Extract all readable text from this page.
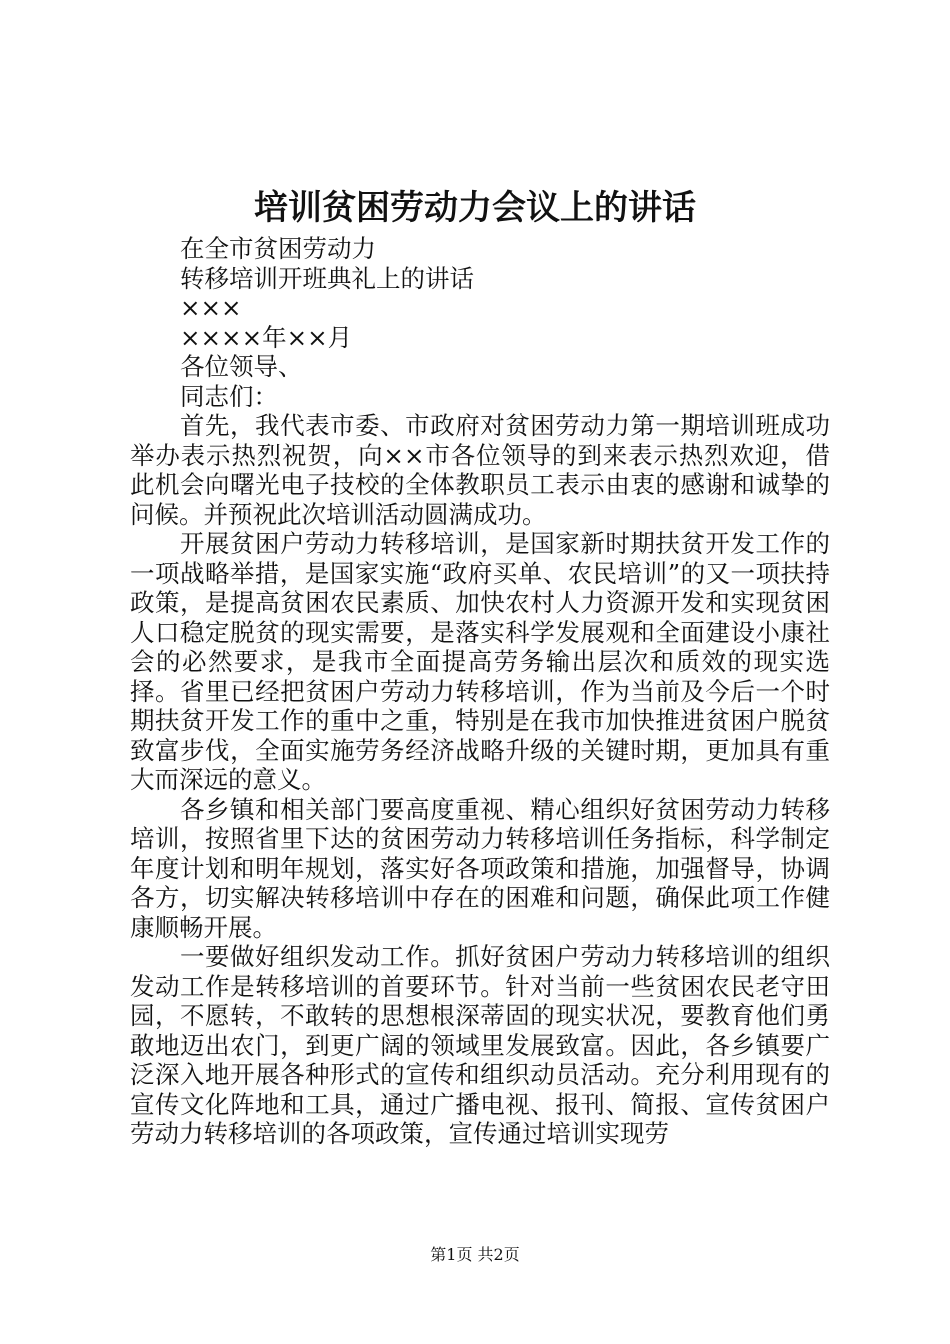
培训贫困劳动力会议上的讲话

在全市贫困劳动力

转移培训开班典礼上的讲话

×××

××××年××月

各位领导、

同志们：

首先，我代表市委、市政府对贫困劳动力第一期培训班成功举办表示热烈祝贺，向××市各位领导的到来表示热烈欢迎，借此机会向曙光电子技校的全体教职员工表示由衷的感谢和诚挚的问候。并预祝此次培训活动圆满成功。

开展贫困户劳动力转移培训，是国家新时期扶贫开发工作的一项战略举措，是国家实施“政府买单、农民培训”的又一项扶持政策，是提高贫困农民素质、加快农村人力资源开发和实现贫困人口稳定脱贫的现实需要，是落实科学发展观和全面建设小康社会的必然要求，是我市全面提高劳务输出层次和质效的现实选择。省里已经把贫困户劳动力转移培训，作为当前及今后一个时期扶贫开发工作的重中之重，特别是在我市加快推进贫困户脱贫致富步伐，全面实施劳务经济战略升级的关键时期，更加具有重大而深远的意义。

各乡镇和相关部门要高度重视、精心组织好贫困劳动力转移培训，按照省里下达的贫困劳动力转移培训任务指标，科学制定年度计划和明年规划，落实好各项政策和措施，加强督导，协调各方，切实解决转移培训中存在的困难和问题，确保此项工作健康顺畅开展。

一要做好组织发动工作。抓好贫困户劳动力转移培训的组织发动工作是转移培训的首要环节。针对当前一些贫困农民老守田园，不愿转，不敢转的思想根深蒂固的现实状况，要教育他们勇敢地迈出农门，到更广阔的领域里发展致富。因此，各乡镇要广泛深入地开展各种形式的宣传和组织动员活动。充分利用现有的宣传文化阵地和工具，通过广播电视、报刊、简报、宣传贫困户劳动力转移培训的各项政策，宣传通过培训实现劳

第1页 共2页
